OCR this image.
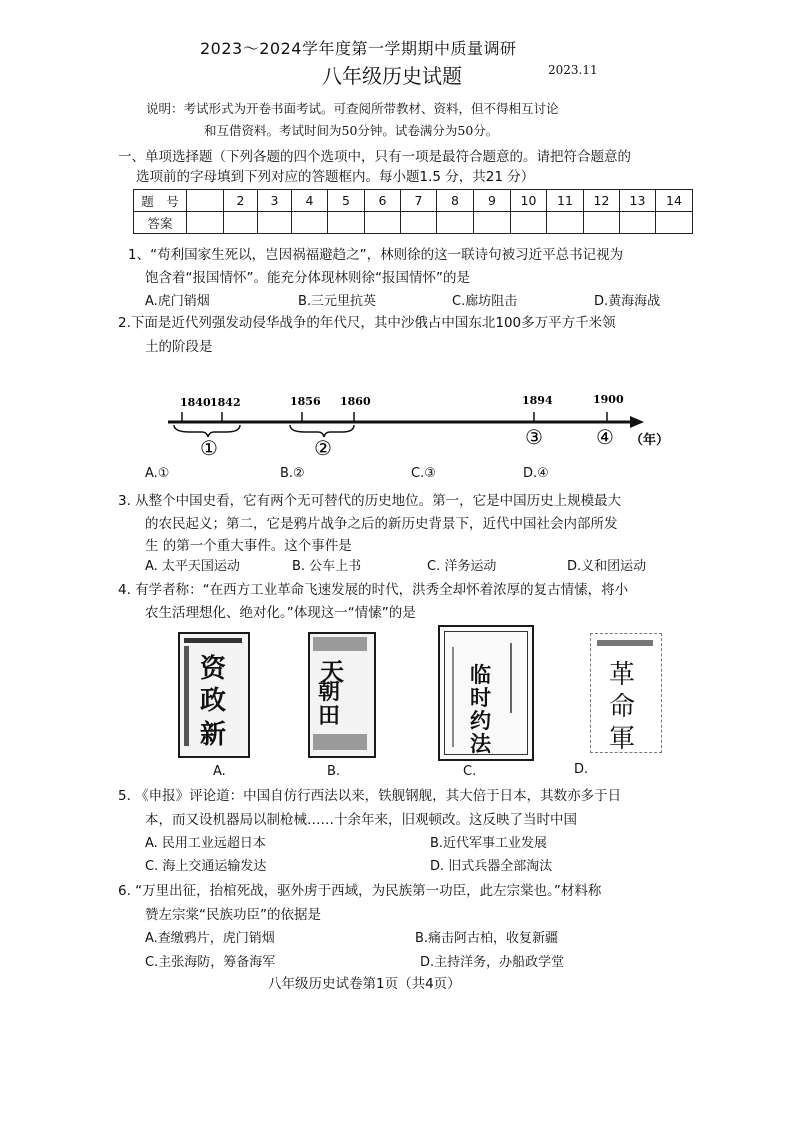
2023～2024学年度第一学期期中质量调研
八年级历史试题	2023.11
说明：考试形式为开卷书面考试。可查阅所带教材、资料，但不得相互讨论
和互借资料。考试时间为50分钟。试卷满分为50分。
一、单项选择题（下列各题的四个选项中，只有一项是最符合题意的。请把符合题意的
选项前的字母填到下列对应的答题框内。每小题1.5 分，共21 分）
题　号		2	3	4	5	6	7	8	9	10	11	12	13	14
答案														
1、“苟利国家生死以，岂因祸福避趋之”，林则徐的这一联诗句被习近平总书记视为
饱含着“报国情怀”。能充分体现林则徐“报国情怀”的是
A.虎门销烟	B.三元里抗英	C.廊坊阻击	D.黄海海战
2.下面是近代列强发动侵华战争的年代尺，其中沙俄占中国东北100多万平方千米领
土的阶段是
1840 1842	1856 1860	1894	1900
①	②	③	④ （年）
A.①	B.②	C.③	D.④
3. 从整个中国史看，它有两个无可替代的历史地位。第一，它是中国历史上规模最大
的农民起义；第二，它是鸦片战争之后的新历史背景下，近代中国社会内部所发
生 的第一个重大事件。这个事件是
A. 太平天国运动	B. 公车上书	C. 洋务运动	D.义和团运动
4. 有学者称：“在西方工业革命飞速发展的时代，洪秀全却怀着浓厚的复古情愫，将小
农生活理想化、绝对化。”体现这一“情愫”的是
资
政
新
天
朝田
临
时
约
法
革
命
軍
A.	B.	C.	D.
5. 《申报》评论道：中国自仿行西法以来，铁舰钢舰，其大倍于日本，其数亦多于日
本，而又设机器局以制枪械……十余年来，旧观顿改。这反映了当时中国
A. 民用工业远超日本	B.近代军事工业发展
C. 海上交通运输发达	D. 旧式兵器全部淘汰
6. “万里出征，抬棺死战，驱外虏于西域，为民族第一功臣，此左宗棠也。”材料称
赞左宗棠“民族功臣”的依据是
A.查缴鸦片，虎门销烟	B.痛击阿古柏，收复新疆
C.主张海防，筹备海军	D.主持洋务，办船政学堂
八年级历史试卷第1页（共4页）
